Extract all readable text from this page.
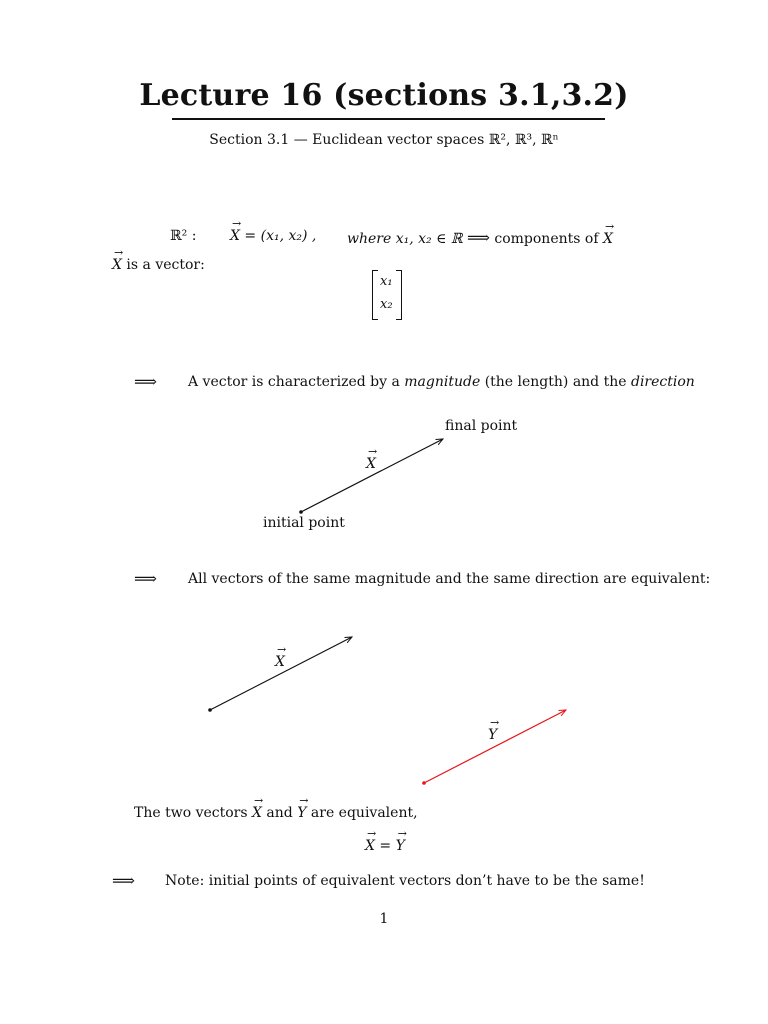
Lecture 16 (sections 3.1,3.2)
Section 3.1 — Euclidean vector spaces ℝ², ℝ³, ℝⁿ
ℝ² : → X = (x₁, x₂) , where x₁, x₂ ∈ ℝ ⟹ components of → X
→ X is a vector:
x₁
x₂
⟹ A vector is characterized by a magnitude (the length) and the direction
final point
→ X
initial point
⟹ All vectors of the same magnitude and the same direction are equivalent:
→ X
→ Y
The two vectors → X and → Y are equivalent,
→ X = → Y
⟹ Note: initial points of equivalent vectors don’t have to be the same!
1
